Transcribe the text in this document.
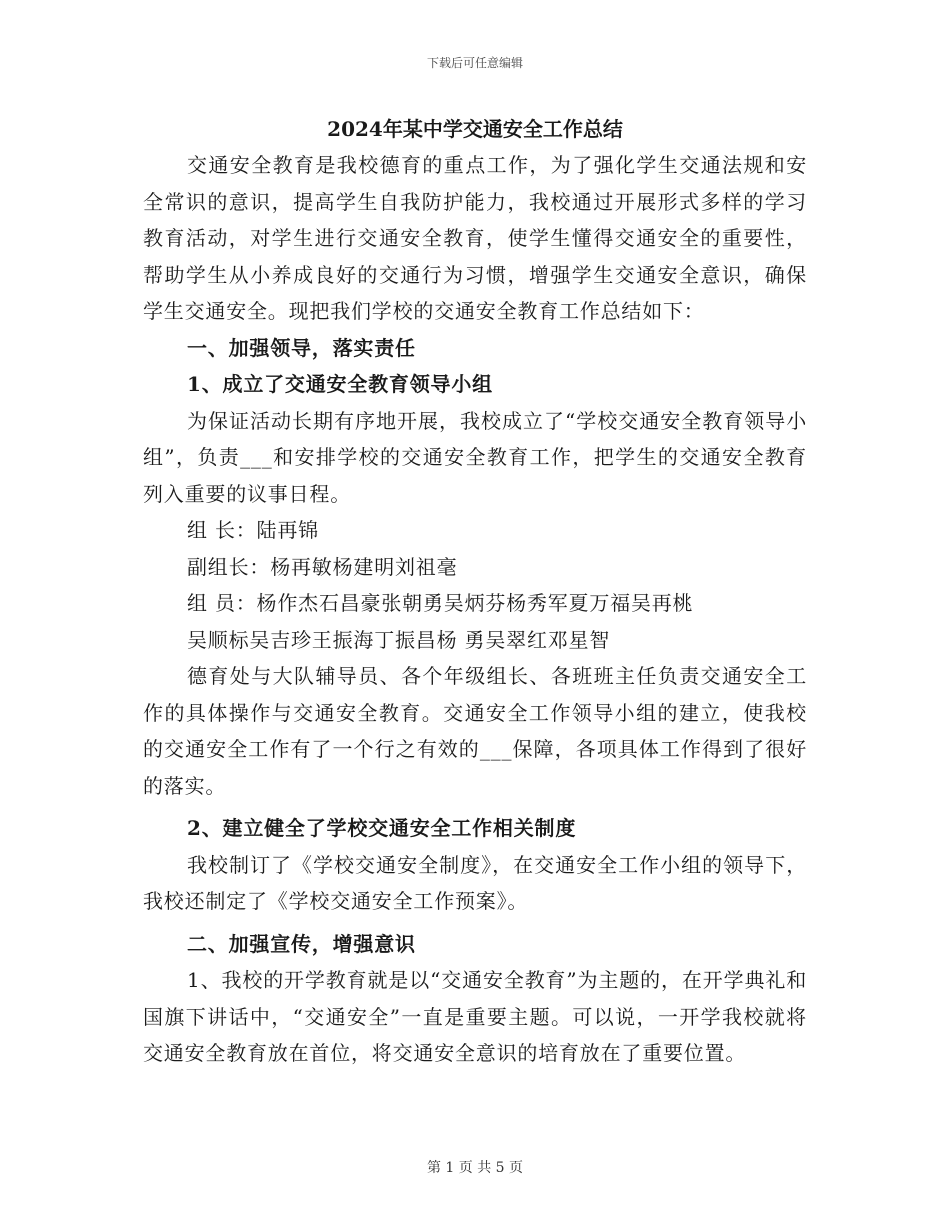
下载后可任意编辑
2024年某中学交通安全工作总结

交通安全教育是我校德育的重点工作，为了强化学生交通法规和安全常识的意识，提高学生自我防护能力，我校通过开展形式多样的学习教育活动，对学生进行交通安全教育，使学生懂得交通安全的重要性，帮助学生从小养成良好的交通行为习惯，增强学生交通安全意识，确保学生交通安全。现把我们学校的交通安全教育工作总结如下：

一、加强领导，落实责任

1、成立了交通安全教育领导小组

为保证活动长期有序地开展，我校成立了“学校交通安全教育领导小组”，负责___和安排学校的交通安全教育工作，把学生的交通安全教育列入重要的议事日程。

组 长：陆再锦

副组长：杨再敏杨建明刘祖毫

组 员：杨作杰石昌豪张朝勇吴炳芬杨秀军夏万福吴再桃

吴顺标吴吉珍王振海丁振昌杨 勇吴翠红邓星智

德育处与大队辅导员、各个年级组长、各班班主任负责交通安全工作的具体操作与交通安全教育。交通安全工作领导小组的建立，使我校的交通安全工作有了一个行之有效的___保障，各项具体工作得到了很好的落实。

2、建立健全了学校交通安全工作相关制度

我校制订了《学校交通安全制度》，在交通安全工作小组的领导下，我校还制定了《学校交通安全工作预案》。

二、加强宣传，增强意识

1、我校的开学教育就是以“交通安全教育”为主题的，在开学典礼和国旗下讲话中，“交通安全”一直是重要主题。可以说，一开学我校就将交通安全教育放在首位，将交通安全意识的培育放在了重要位置。

第 1 页 共 5 页
